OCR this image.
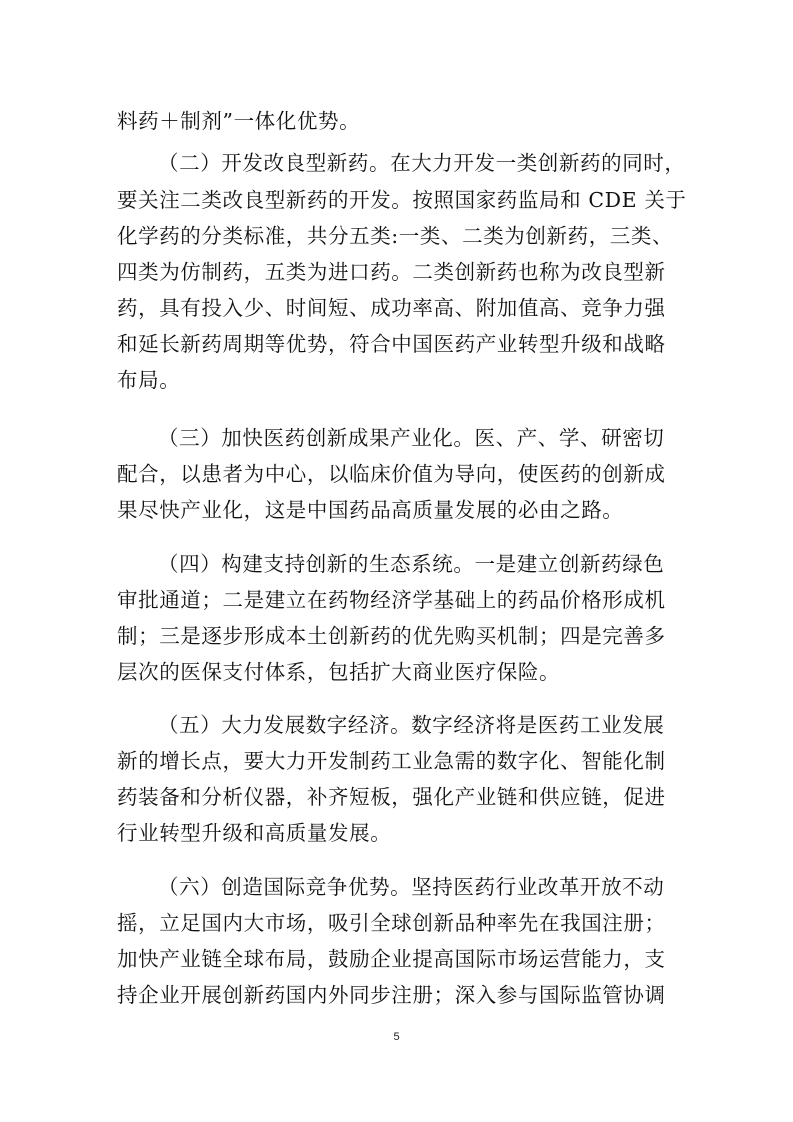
料药＋制剂”一体化优势。
（二）开发改良型新药。在大力开发一类创新药的同时，
要关注二类改良型新药的开发。按照国家药监局和 CDE 关于
化学药的分类标准，共分五类:一类、二类为创新药，三类、
四类为仿制药，五类为进口药。二类创新药也称为改良型新
药，具有投入少、时间短、成功率高、附加值高、竞争力强
和延长新药周期等优势，符合中国医药产业转型升级和战略
布局。
（三）加快医药创新成果产业化。医、产、学、研密切
配合，以患者为中心，以临床价值为导向，使医药的创新成
果尽快产业化，这是中国药品高质量发展的必由之路。
（四）构建支持创新的生态系统。一是建立创新药绿色
审批通道；二是建立在药物经济学基础上的药品价格形成机
制；三是逐步形成本土创新药的优先购买机制；四是完善多
层次的医保支付体系，包括扩大商业医疗保险。
（五）大力发展数字经济。数字经济将是医药工业发展
新的增长点，要大力开发制药工业急需的数字化、智能化制
药装备和分析仪器，补齐短板，强化产业链和供应链，促进
行业转型升级和高质量发展。
（六）创造国际竞争优势。坚持医药行业改革开放不动
摇，立足国内大市场，吸引全球创新品种率先在我国注册；
加快产业链全球布局，鼓励企业提高国际市场运营能力，支
持企业开展创新药国内外同步注册；深入参与国际监管协调
5
